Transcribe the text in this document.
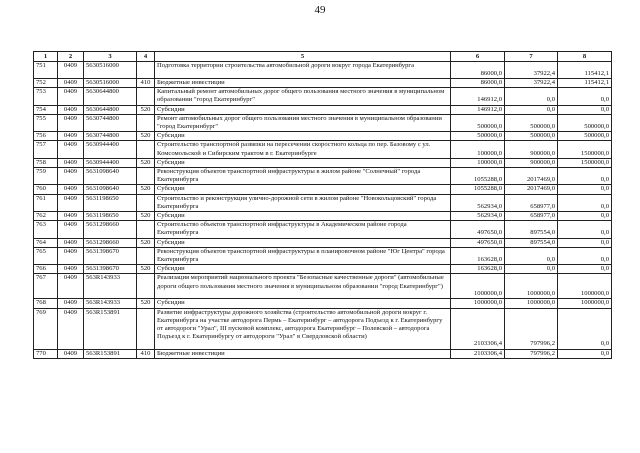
49
1	2	3	4	5	6	7	8
751	0409	5630516000		Подготовка территории строительства автомобильной дороги вокруг города Екатеринбурга	86000,0	37922,4	115412,1
752	0409	5630516000	410	Бюджетные инвестиции	86000,0	37922,4	115412,1
753	0409	5630644800		Капитальный ремонт автомобильных дорог общего пользования местного значения в муниципальном образовании "город Екатеринбург"	146912,0	0,0	0,0
754	0409	5630644800	520	Субсидии	146912,0	0,0	0,0
755	0409	5630744800		Ремонт автомобильных дорог общего пользования местного значения в муниципальном образовании "город Екатеринбург"	500000,0	500000,0	500000,0
756	0409	5630744800	520	Субсидии	500000,0	500000,0	500000,0
757	0409	5630944400		Строительство транспортной развязки на пересечении скоростного кольца по пер. Базовому с ул. Комсомольской и Сибирским трактом в г. Екатеринбурге	100000,0	900000,0	1500000,0
758	0409	5630944400	520	Субсидии	100000,0	900000,0	1500000,0
759	0409	5631098640		Реконструкция объектов транспортной инфраструктуры в жилом районе "Солнечный" города Екатеринбурга	1055288,0	2017469,0	0,0
760	0409	5631098640	520	Субсидии	1055288,0	2017469,0	0,0
761	0409	5631198650		Строительство и реконструкция улично-дорожной сети в жилом районе "Новокольцовский" города Екатеринбурга	562934,0	658977,0	0,0
762	0409	5631198650	520	Субсидии	562934,0	658977,0	0,0
763	0409	5631298660		Строительство объектов транспортной инфраструктуры в Академическом районе города Екатеринбурга	497650,0	897554,0	0,0
764	0409	5631298660	520	Субсидии	497650,0	897554,0	0,0
765	0409	5631398670		Реконструкция объектов транспортной инфраструктуры в планировочном районе "Юг Центра" города Екатеринбурга	163628,0	0,0	0,0
766	0409	5631398670	520	Субсидии	163628,0	0,0	0,0
767	0409	563R143933		Реализация мероприятий национального проекта "Безопасные качественные дороги" (автомобильные дороги общего пользования местного значения в муниципальном образовании "город Екатеринбург")	1000000,0	1000000,0	1000000,0
768	0409	563R143933	520	Субсидии	1000000,0	1000000,0	1000000,0
769	0409	563R153891		Развитие инфраструктуры дорожного хозяйства (строительство автомобильной дороги вокруг г. Екатеринбурга на участке автодорога Пермь – Екатеринбург – автодорога Подъезд к г. Екатеринбургу от автодороги "Урал", III пусковой комплекс, автодорога Екатеринбург – Полевской – автодорога Подъезд к г. Екатеринбургу от автодороги "Урал" в Свердловской области)	2103306,4	797996,2	0,0
770	0409	563R153891	410	Бюджетные инвестиции	2103306,4	797996,2	0,0
